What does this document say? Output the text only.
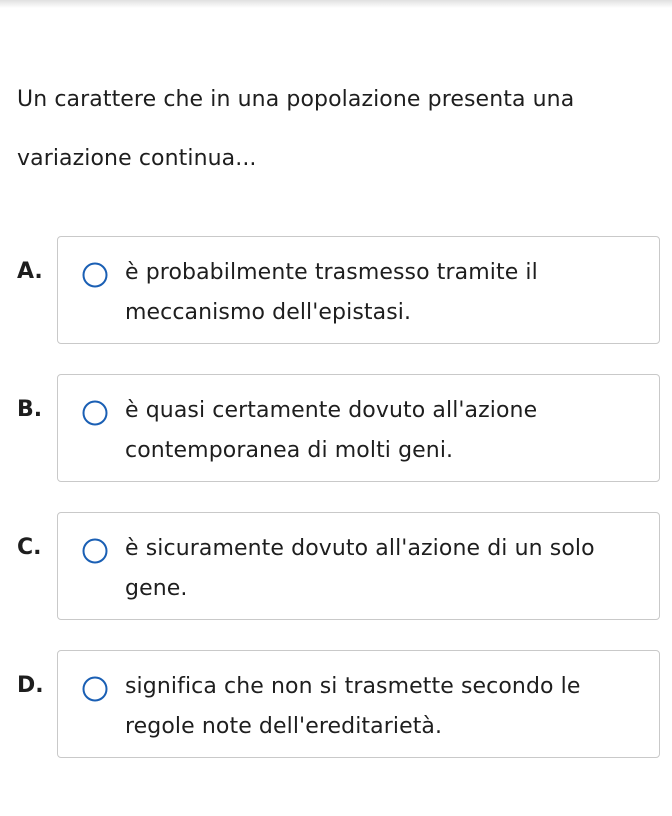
Un carattere che in una popolazione presenta una variazione continua...

A.	è probabilmente trasmesso tramite il meccanismo dell'epistasi.
B.	è quasi certamente dovuto all'azione contemporanea di molti geni.
C.	è sicuramente dovuto all'azione di un solo gene.
D.	significa che non si trasmette secondo le regole note dell'ereditarietà.
